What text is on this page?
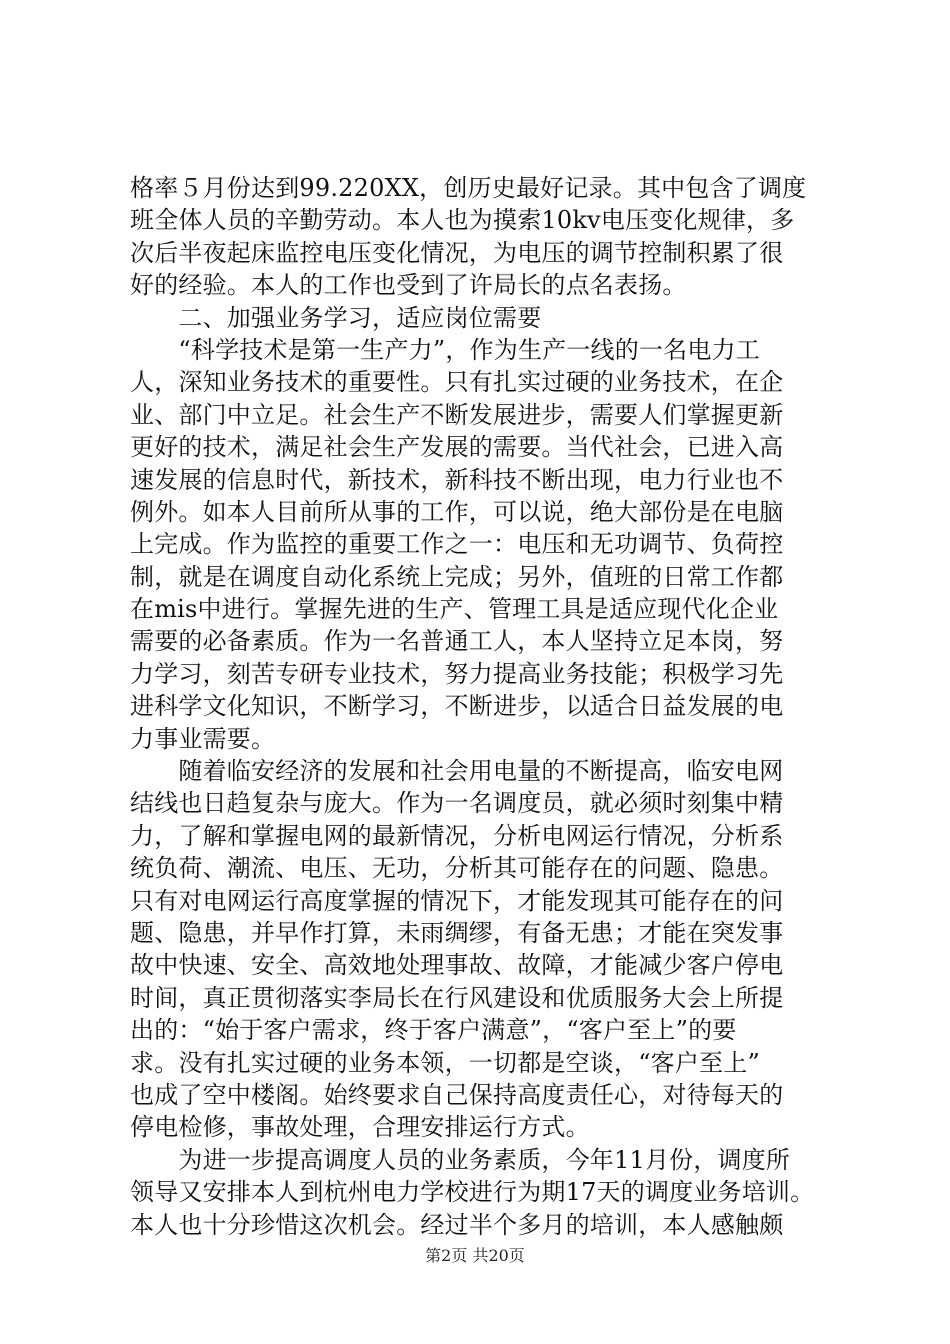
格率５月份达到99.220XX，创历史最好记录。其中包含了调度
班全体人员的辛勤劳动。本人也为摸索10kv电压变化规律，多
次后半夜起床监控电压变化情况，为电压的调节控制积累了很
好的经验。本人的工作也受到了许局长的点名表扬。
　　二、加强业务学习，适应岗位需要
　　“科学技术是第一生产力”，作为生产一线的一名电力工
人，深知业务技术的重要性。只有扎实过硬的业务技术，在企
业、部门中立足。社会生产不断发展进步，需要人们掌握更新
更好的技术，满足社会生产发展的需要。当代社会，已进入高
速发展的信息时代，新技术，新科技不断出现，电力行业也不
例外。如本人目前所从事的工作，可以说，绝大部份是在电脑
上完成。作为监控的重要工作之一：电压和无功调节、负荷控
制，就是在调度自动化系统上完成；另外，值班的日常工作都
在mis中进行。掌握先进的生产、管理工具是适应现代化企业
需要的必备素质。作为一名普通工人，本人坚持立足本岗，努
力学习，刻苦专研专业技术，努力提高业务技能；积极学习先
进科学文化知识，不断学习，不断进步，以适合日益发展的电
力事业需要。
　　随着临安经济的发展和社会用电量的不断提高，临安电网
结线也日趋复杂与庞大。作为一名调度员，就必须时刻集中精
力，了解和掌握电网的最新情况，分析电网运行情况，分析系
统负荷、潮流、电压、无功，分析其可能存在的问题、隐患。
只有对电网运行高度掌握的情况下，才能发现其可能存在的问
题、隐患，并早作打算，未雨绸缪，有备无患；才能在突发事
故中快速、安全、高效地处理事故、故障，才能减少客户停电
时间，真正贯彻落实李局长在行风建设和优质服务大会上所提
出的：“始于客户需求，终于客户满意”，“客户至上”的要
求。没有扎实过硬的业务本领，一切都是空谈，“客户至上”
也成了空中楼阁。始终要求自己保持高度责任心，对待每天的
停电检修，事故处理，合理安排运行方式。
　　为进一步提高调度人员的业务素质，今年11月份，调度所
领导又安排本人到杭州电力学校进行为期17天的调度业务培训。
本人也十分珍惜这次机会。经过半个多月的培训，本人感触颇
第2页 共20页
